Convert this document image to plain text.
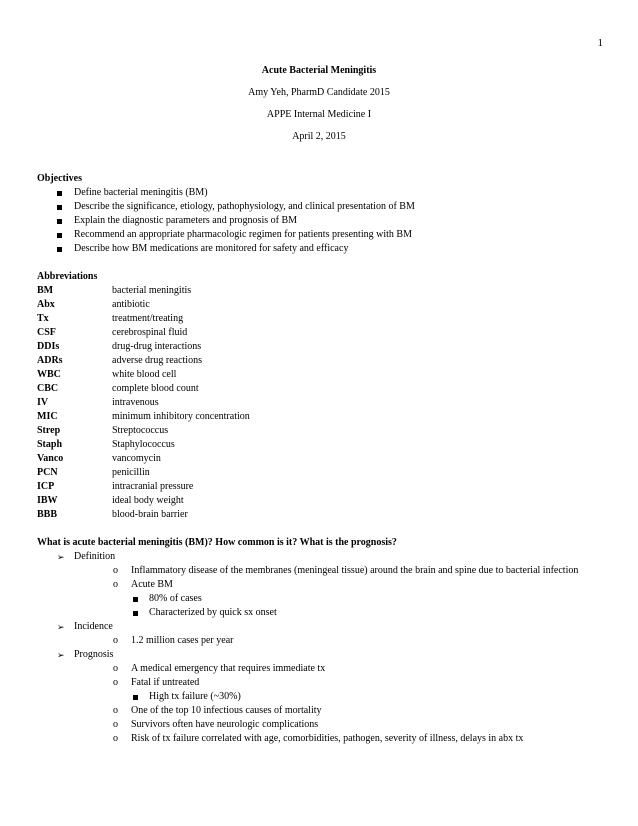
1
Acute Bacterial Meningitis
Amy Yeh, PharmD Candidate 2015
APPE Internal Medicine I
April 2, 2015
Objectives
Define bacterial meningitis (BM)
Describe the significance, etiology, pathophysiology, and clinical presentation of BM
Explain the diagnostic parameters and prognosis of BM
Recommend an appropriate pharmacologic regimen for patients presenting with BM
Describe how BM medications are monitored for safety and efficacy
Abbreviations
BM	bacterial meningitis
Abx	antibiotic
Tx	treatment/treating
CSF	cerebrospinal fluid
DDIs	drug-drug interactions
ADRs	adverse drug reactions
WBC	white blood cell
CBC	complete blood count
IV	intravenous
MIC	minimum inhibitory concentration
Strep	Streptococcus
Staph	Staphylococcus
Vanco	vancomycin
PCN	penicillin
ICP	intracranial pressure
IBW	ideal body weight
BBB	blood-brain barrier
What is acute bacterial meningitis (BM)? How common is it? What is the prognosis?
➢ Definition
o Inflammatory disease of the membranes (meningeal tissue) around the brain and spine due to bacterial infection
o Acute BM
80% of cases
Characterized by quick sx onset
➢ Incidence
o 1.2 million cases per year
➢ Prognosis
o A medical emergency that requires immediate tx
o Fatal if untreated
High tx failure (~30%)
o One of the top 10 infectious causes of mortality
o Survivors often have neurologic complications
o Risk of tx failure correlated with age, comorbidities, pathogen, severity of illness, delays in abx tx
